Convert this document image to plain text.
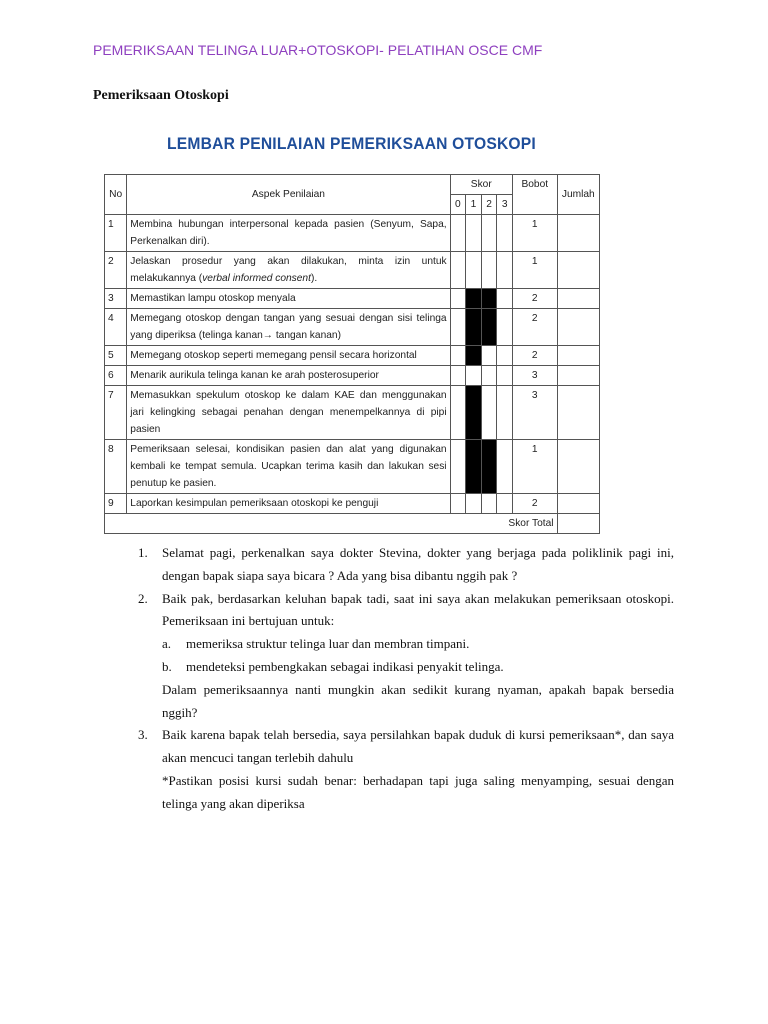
PEMERIKSAAN TELINGA LUAR+OTOSKOPI- PELATIHAN OSCE CMF
Pemeriksaan Otoskopi
LEMBAR PENILAIAN PEMERIKSAAN OTOSKOPI
No	Aspek Penilaian	Skor				Bobot	Jumlah
		0	1	2	3		
1	Membina hubungan interpersonal kepada pasien (Senyum, Sapa, Perkenalkan diri).					1	
2	Jelaskan prosedur yang akan dilakukan, minta izin untuk melakukannya (verbal informed consent).					1	
3	Memastikan lampu otoskop menyala					2	
4	Memegang otoskop dengan tangan yang sesuai dengan sisi telinga yang diperiksa (telinga kanan→ tangan kanan)					2	
5	Memegang otoskop seperti memegang pensil secara horizontal					2	
6	Menarik aurikula telinga kanan ke arah posterosuperior					3	
7	Memasukkan spekulum otoskop ke dalam KAE dan menggunakan jari kelingking sebagai penahan dengan menempelkannya di pipi pasien					3	
8	Pemeriksaan selesai, kondisikan pasien dan alat yang digunakan kembali ke tempat semula. Ucapkan terima kasih dan lakukan sesi penutup ke pasien.					1	
9	Laporkan kesimpulan pemeriksaan otoskopi ke penguji					2	
Skor Total							
1. Selamat pagi, perkenalkan saya dokter Stevina, dokter yang berjaga pada poliklinik pagi ini, dengan bapak siapa saya bicara ? Ada yang bisa dibantu nggih pak ?
2. Baik pak, berdasarkan keluhan bapak tadi, saat ini saya akan melakukan pemeriksaan otoskopi. Pemeriksaan ini bertujuan untuk:
a. memeriksa struktur telinga luar dan membran timpani.
b. mendeteksi pembengkakan sebagai indikasi penyakit telinga.
Dalam pemeriksaannya nanti mungkin akan sedikit kurang nyaman, apakah bapak bersedia nggih?
3. Baik karena bapak telah bersedia, saya persilahkan bapak duduk di kursi pemeriksaan*, dan saya akan mencuci tangan terlebih dahulu
*Pastikan posisi kursi sudah benar: berhadapan tapi juga saling menyamping, sesuai dengan telinga yang akan diperiksa
